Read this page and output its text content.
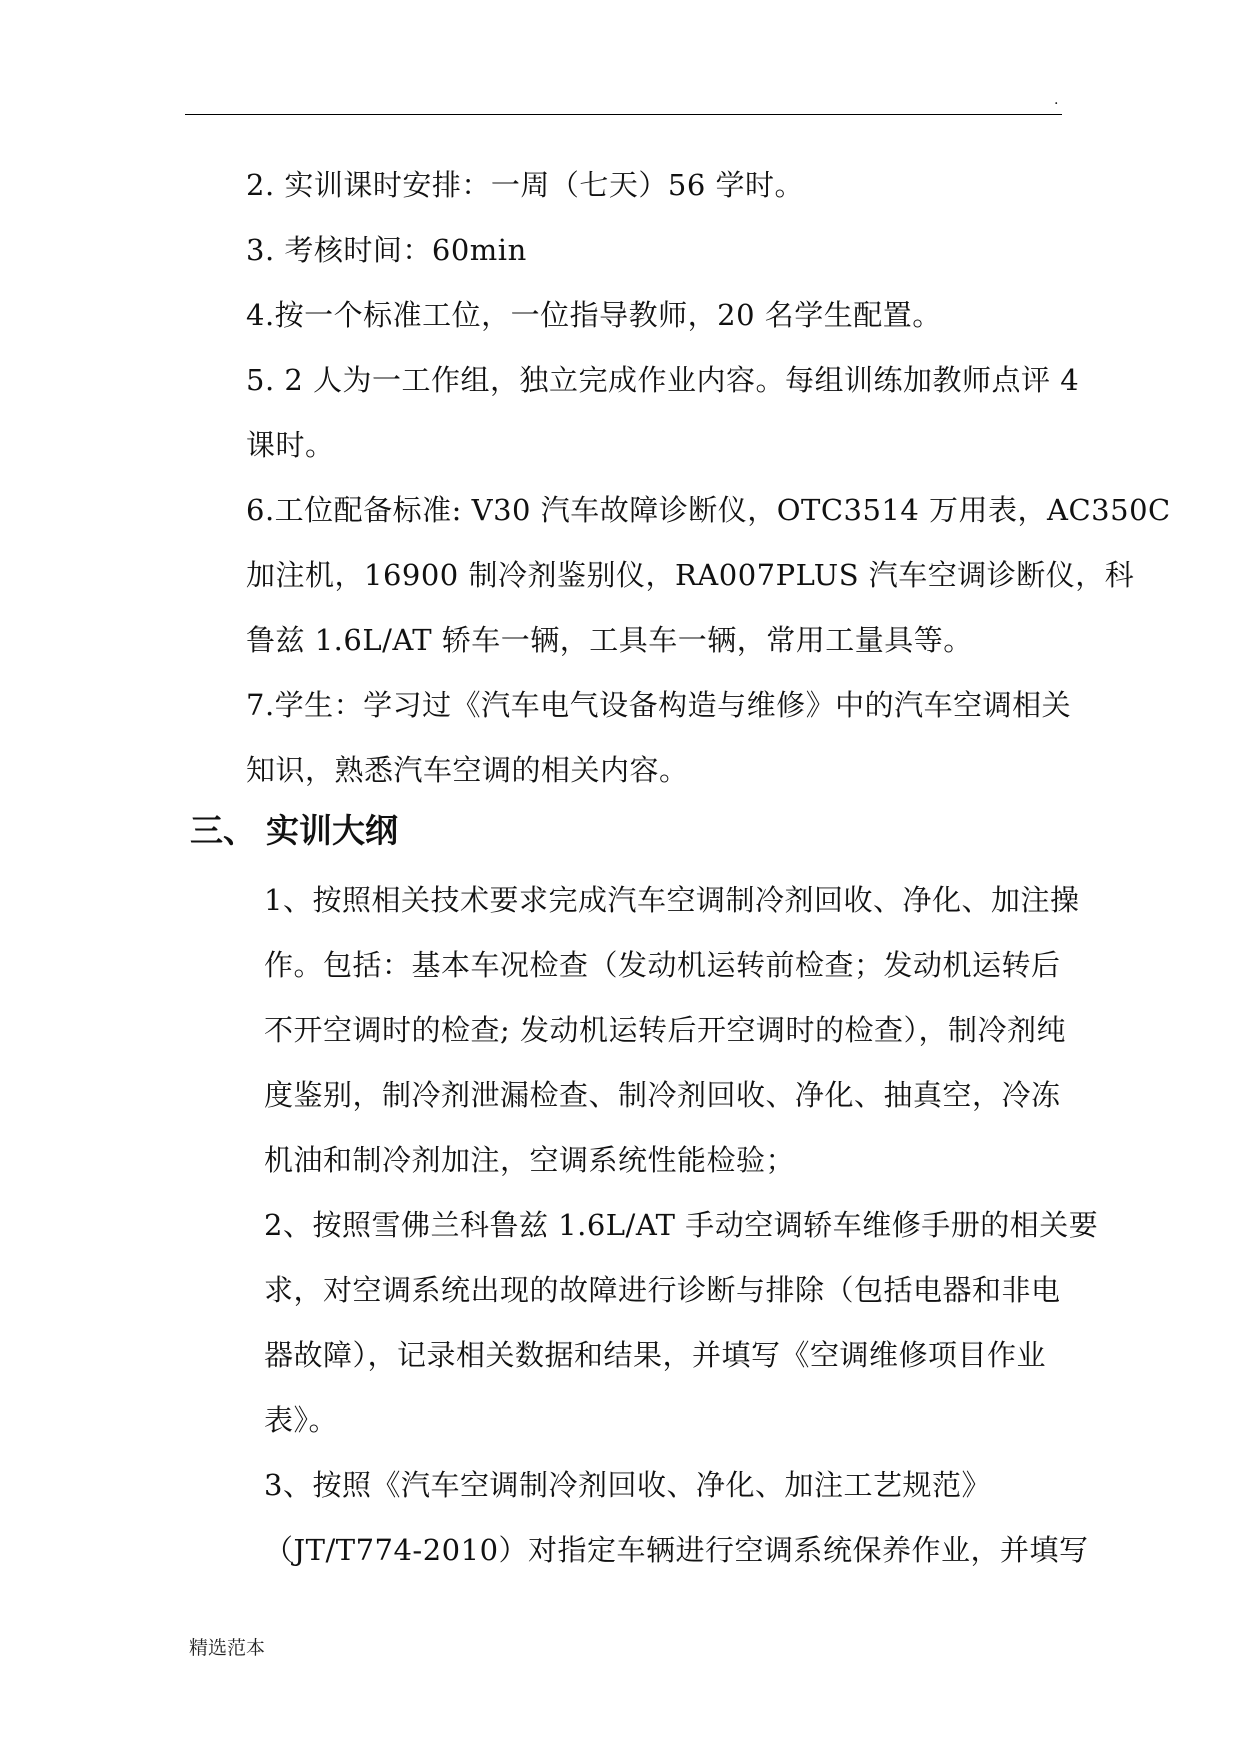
.

2. 实训课时安排：一周（七天）56 学时。

3. 考核时间：60min

4.按一个标准工位，一位指导教师，20 名学生配置。

5. 2 人为一工作组，独立完成作业内容。每组训练加教师点评 4

课时。

6.工位配备标准: V30 汽车故障诊断仪，OTC3514 万用表，AC350C

加注机，16900 制冷剂鉴别仪，RA007PLUS 汽车空调诊断仪，科

鲁兹 1.6L/AT 轿车一辆，工具车一辆，常用工量具等。

7.学生：学习过《汽车电气设备构造与维修》中的汽车空调相关

知识，熟悉汽车空调的相关内容。

三、 实训大纲

1、按照相关技术要求完成汽车空调制冷剂回收、净化、加注操

作。包括：基本车况检查（发动机运转前检查；发动机运转后

不开空调时的检查; 发动机运转后开空调时的检查），制冷剂纯

度鉴别，制冷剂泄漏检查、制冷剂回收、净化、抽真空，冷冻

机油和制冷剂加注，空调系统性能检验；

2、按照雪佛兰科鲁兹 1.6L/AT 手动空调轿车维修手册的相关要

求，对空调系统出现的故障进行诊断与排除（包括电器和非电

器故障），记录相关数据和结果，并填写《空调维修项目作业

表》。

3、按照《汽车空调制冷剂回收、净化、加注工艺规范》

（JT/T774-2010）对指定车辆进行空调系统保养作业，并填写

精选范本
